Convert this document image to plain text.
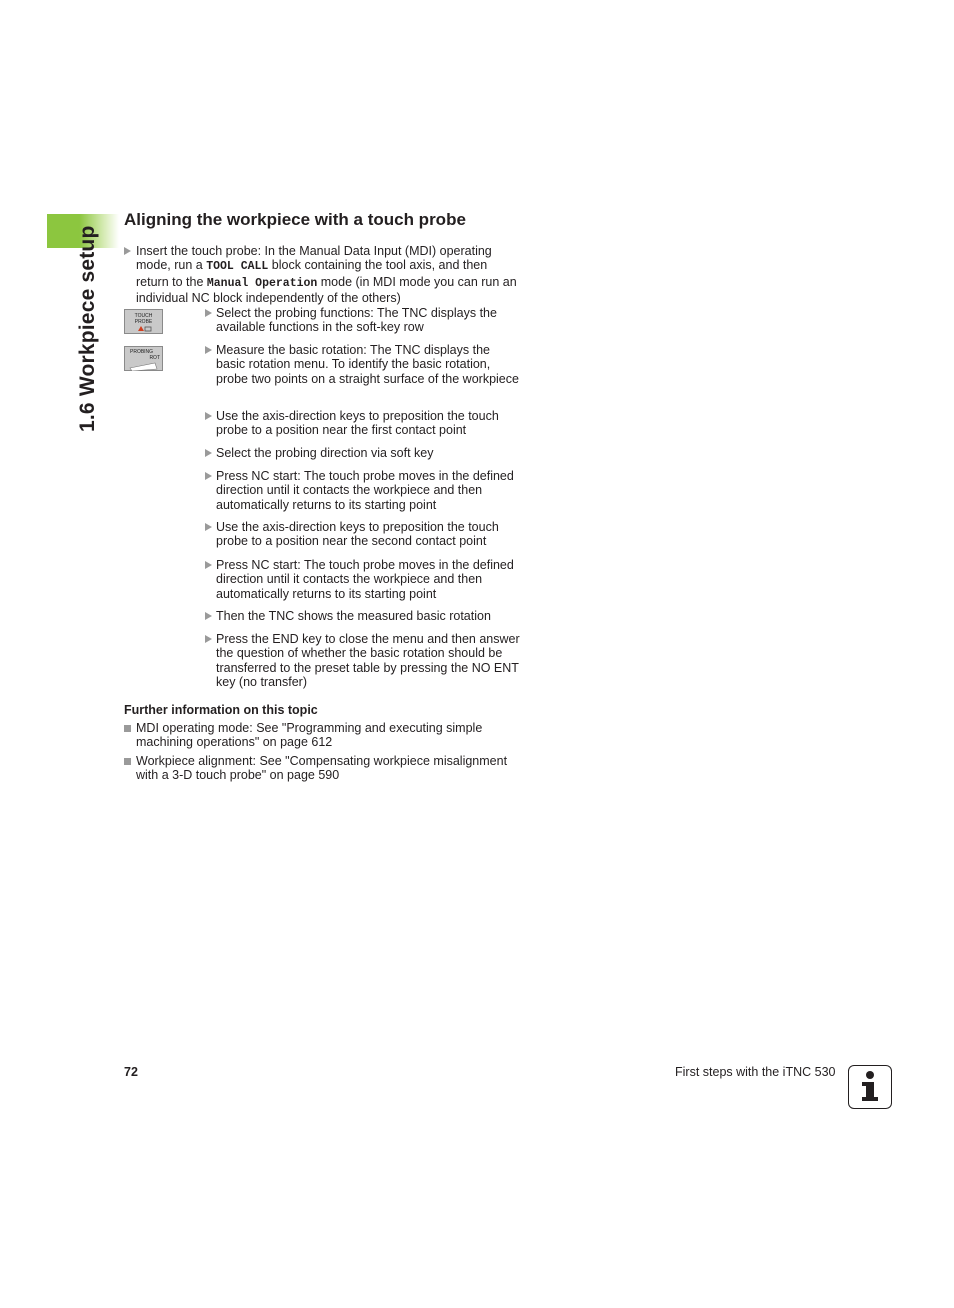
1.6 Workpiece setup
Aligning the workpiece with a touch probe
Insert the touch probe: In the Manual Data Input (MDI) operating mode, run a TOOL CALL block containing the tool axis, and then return to the Manual Operation mode (in MDI mode you can run an individual NC block independently of the others)
TOUCH
PROBE
PROBING
ROT
Select the probing functions: The TNC displays the available functions in the soft-key row
Measure the basic rotation: The TNC displays the basic rotation menu. To identify the basic rotation, probe two points on a straight surface of the workpiece
Use the axis-direction keys to preposition the touch probe to a position near the first contact point
Select the probing direction via soft key
Press NC start: The touch probe moves in the defined direction until it contacts the workpiece and then automatically returns to its starting point
Use the axis-direction keys to preposition the touch probe to a position near the second contact point
Press NC start: The touch probe moves in the defined direction until it contacts the workpiece and then automatically returns to its starting point
Then the TNC shows the measured basic rotation
Press the END key to close the menu and then answer the question of whether the basic rotation should be transferred to the preset table by pressing the NO ENT key (no transfer)
Further information on this topic
MDI operating mode: See "Programming and executing simple machining operations" on page 612
Workpiece alignment: See "Compensating workpiece misalignment with a 3-D touch probe" on page 590
72	First steps with the iTNC 530
